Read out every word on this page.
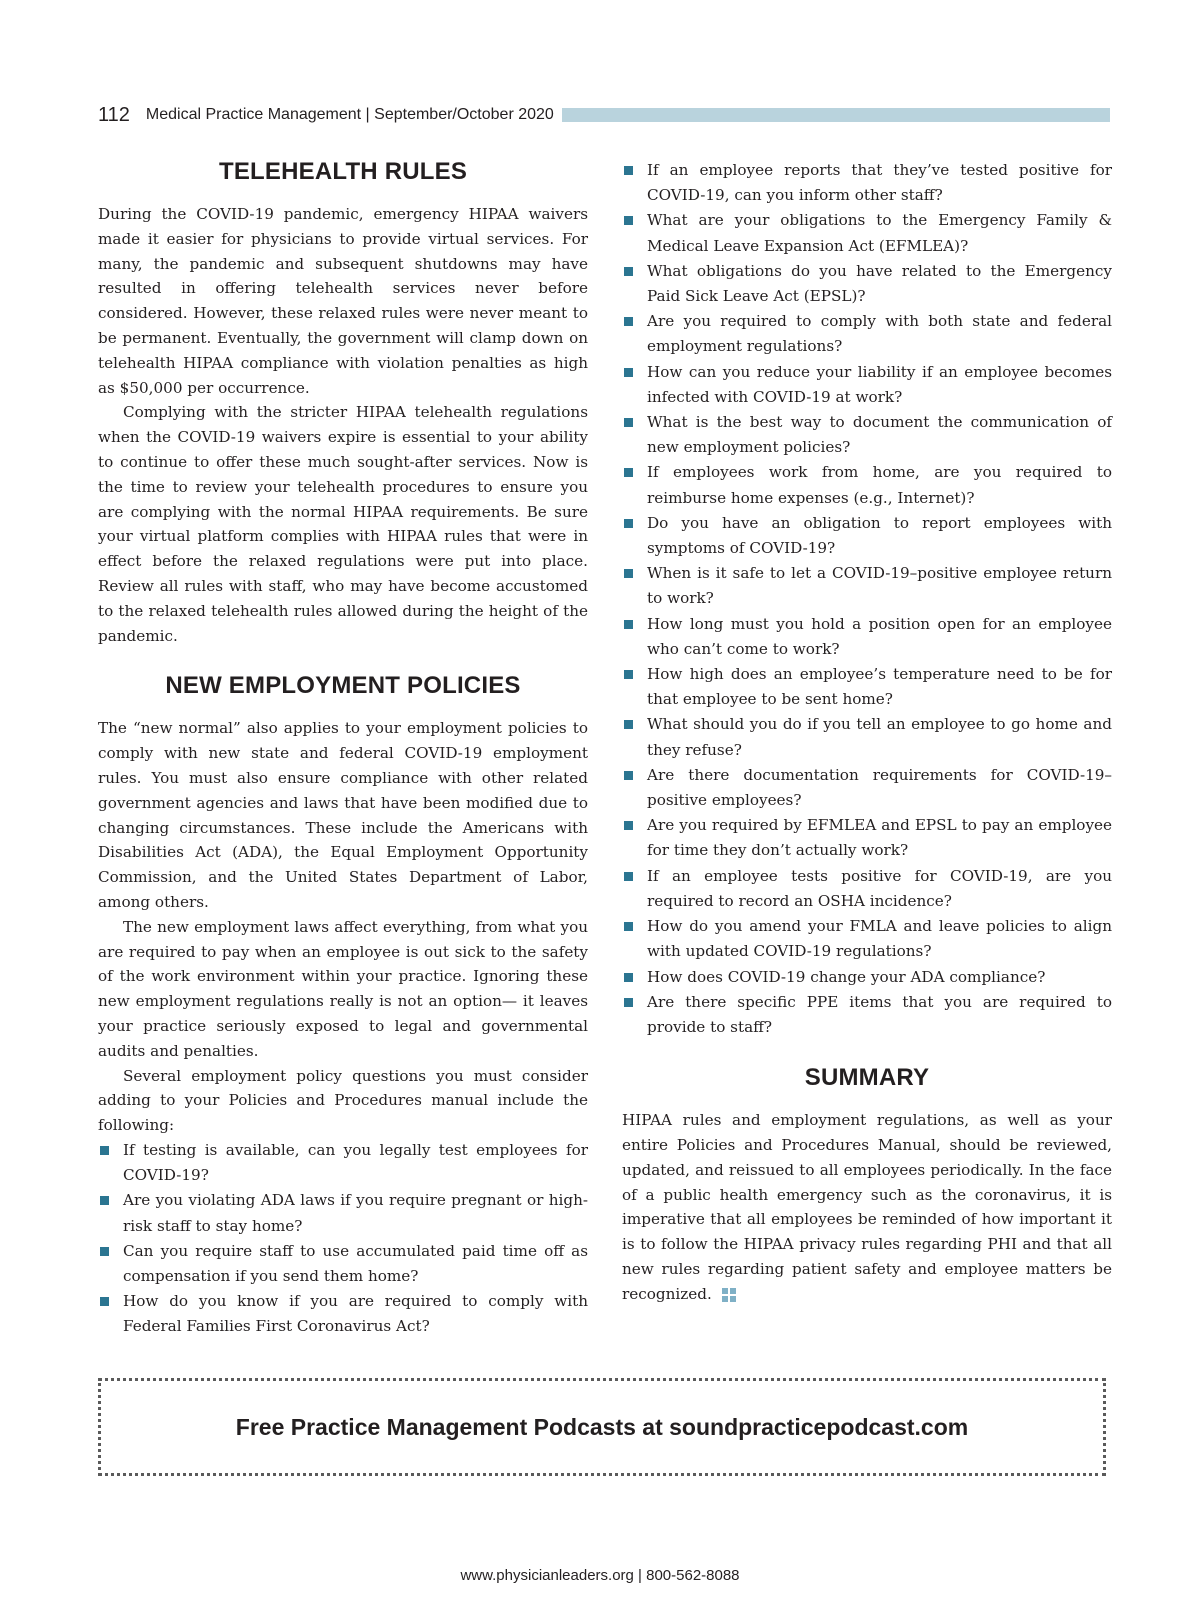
112 Medical Practice Management | September/October 2020
TELEHEALTH RULES

During the COVID-19 pandemic, emergency HIPAA waivers made it easier for physicians to provide virtual services. For many, the pandemic and subsequent shutdowns may have resulted in offering telehealth services never before considered. However, these relaxed rules were never meant to be permanent. Eventually, the government will clamp down on telehealth HIPAA compliance with violation penalties as high as $50,000 per occurrence.

Complying with the stricter HIPAA telehealth regulations when the COVID-19 waivers expire is essential to your ability to continue to offer these much sought-after services. Now is the time to review your telehealth procedures to ensure you are complying with the normal HIPAA requirements. Be sure your virtual platform complies with HIPAA rules that were in effect before the relaxed regulations were put into place. Review all rules with staff, who may have become accustomed to the relaxed telehealth rules allowed during the height of the pandemic.

NEW EMPLOYMENT POLICIES

The “new normal” also applies to your employment policies to comply with new state and federal COVID-19 employment rules. You must also ensure compliance with other related government agencies and laws that have been modified due to changing circumstances. These include the Americans with Disabilities Act (ADA), the Equal Employment Opportunity Commission, and the United States Department of Labor, among others.

The new employment laws affect everything, from what you are required to pay when an employee is out sick to the safety of the work environment within your practice. Ignoring these new employment regulations really is not an option— it leaves your practice seriously exposed to legal and governmental audits and penalties.

Several employment policy questions you must consider adding to your Policies and Procedures manual include the following:

If testing is available, can you legally test employees for COVID-19?
Are you violating ADA laws if you require pregnant or high-risk staff to stay home?
Can you require staff to use accumulated paid time off as compensation if you send them home?
How do you know if you are required to comply with Federal Families First Coronavirus Act?
If an employee reports that they’ve tested positive for COVID-19, can you inform other staff?
What are your obligations to the Emergency Family & Medical Leave Expansion Act (EFMLEA)?
What obligations do you have related to the Emergency Paid Sick Leave Act (EPSL)?
Are you required to comply with both state and federal employment regulations?
How can you reduce your liability if an employee becomes infected with COVID-19 at work?
What is the best way to document the communication of new employment policies?
If employees work from home, are you required to reimburse home expenses (e.g., Internet)?
Do you have an obligation to report employees with symptoms of COVID-19?
When is it safe to let a COVID-19–positive employee return to work?
How long must you hold a position open for an employee who can’t come to work?
How high does an employee’s temperature need to be for that employee to be sent home?
What should you do if you tell an employee to go home and they refuse?
Are there documentation requirements for COVID-19–positive employees?
Are you required by EFMLEA and EPSL to pay an employee for time they don’t actually work?
If an employee tests positive for COVID-19, are you required to record an OSHA incidence?
How do you amend your FMLA and leave policies to align with updated COVID-19 regulations?
How does COVID-19 change your ADA compliance?
Are there specific PPE items that you are required to provide to staff?
SUMMARY

HIPAA rules and employment regulations, as well as your entire Policies and Procedures Manual, should be reviewed, updated, and reissued to all employees periodically. In the face of a public health emergency such as the coronavirus, it is imperative that all employees be reminded of how important it is to follow the HIPAA privacy rules regarding PHI and that all new rules regarding patient safety and employee matters be recognized.

Free Practice Management Podcasts at soundpracticepodcast.com
www.physicianleaders.org | 800-562-8088
